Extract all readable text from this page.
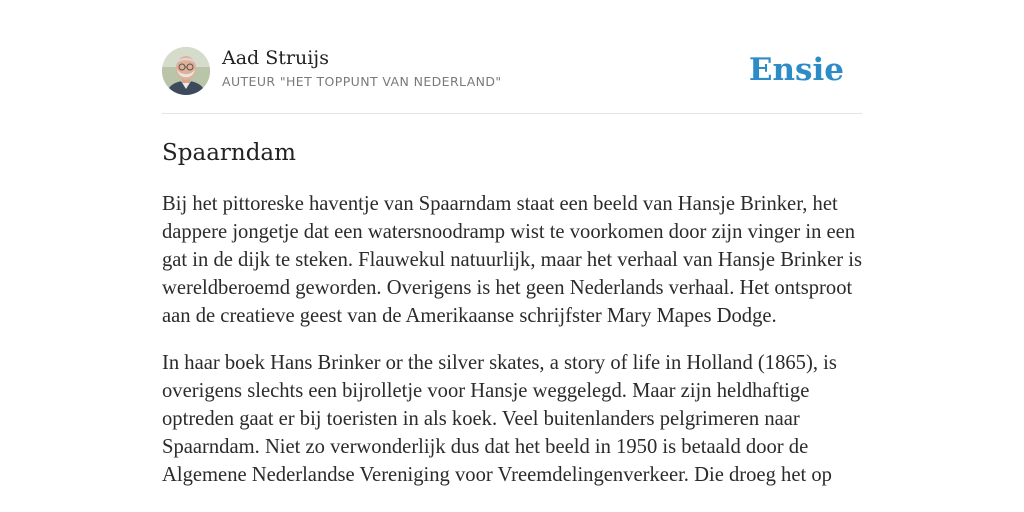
Aad Struijs
AUTEUR "HET TOPPUNT VAN NEDERLAND"	Ensie
Spaarndam

Bij het pittoreske haventje van Spaarndam staat een beeld van Hansje Brinker, het dappere jongetje dat een watersnoodramp wist te voorkomen door zijn vinger in een gat in de dijk te steken. Flauwekul natuurlijk, maar het verhaal van Hansje Brinker is wereldberoemd geworden. Overigens is het geen Nederlands verhaal. Het ontsproot aan de creatieve geest van de Amerikaanse schrijfster Mary Mapes Dodge.

In haar boek Hans Brinker or the silver skates, a story of life in Holland (1865), is overigens slechts een bijrolletje voor Hansje weggelegd. Maar zijn heldhaftige optreden gaat er bij toeristen in als koek. Veel buitenlanders pelgrimeren naar Spaarndam. Niet zo verwonderlijk dus dat het beeld in 1950 is betaald door de Algemene Nederlandse Vereniging voor Vreemdelingenverkeer. Die droeg het op
